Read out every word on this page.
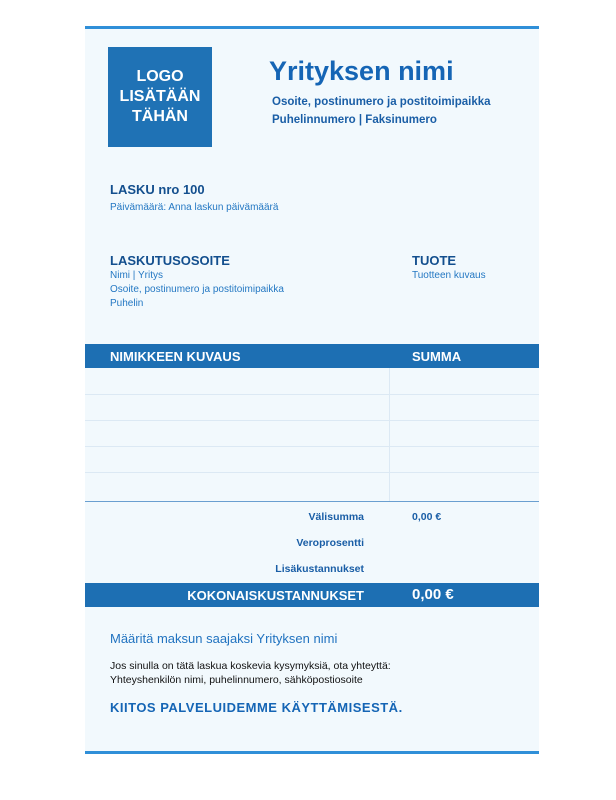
LOGO
LISÄTÄÄN
TÄHÄN
Yrityksen nimi
Osoite, postinumero ja postitoimipaikka
Puhelinnumero | Faksinumero
LASKU nro 100
Päivämäärä: Anna laskun päivämäärä
LASKUTUSOSOITE
Nimi | Yritys
Osoite, postinumero ja postitoimipaikka
Puhelin
TUOTE
Tuotteen kuvaus
NIMIKKEEN KUVAUS	SUMMA
Välisumma	0,00 €
Veroprosentti
Lisäkustannukset
KOKONAISKUSTANNUKSET	0,00 €
Määritä maksun saajaksi Yrityksen nimi
Jos sinulla on tätä laskua koskevia kysymyksiä, ota yhteyttä:
Yhteyshenkilön nimi, puhelinnumero, sähköpostiosoite
KIITOS PALVELUIDEMME KÄYTTÄMISESTÄ.
